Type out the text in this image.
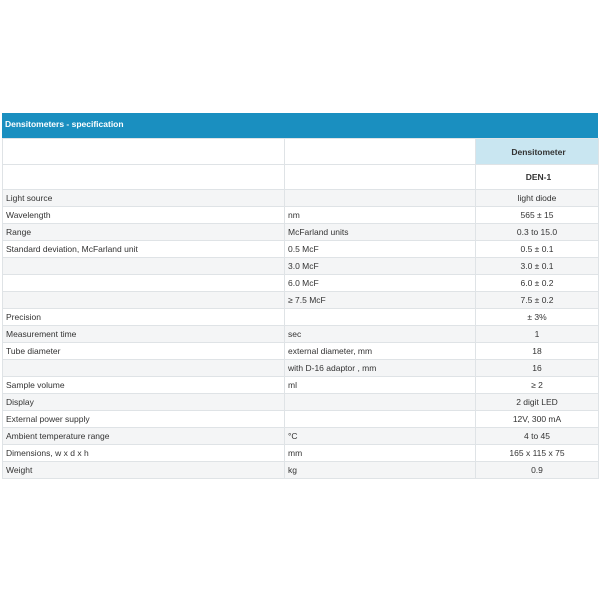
Densitometers - specification
		Densitometer
		DEN-1
Light source		light diode
Wavelength	nm	565 ± 15
Range	McFarland units	0.3 to 15.0
Standard deviation, McFarland unit	0.5 McF	0.5 ± 0.1
	3.0 McF	3.0 ± 0.1
	6.0 McF	6.0 ± 0.2
	≥ 7.5 McF	7.5 ± 0.2
Precision		± 3%
Measurement time	sec	1
Tube diameter	external diameter, mm	18
	with D-16 adaptor , mm	16
Sample volume	ml	≥ 2
Display		2 digit LED
External power supply		12V, 300 mA
Ambient temperature range	°C	4 to 45
Dimensions, w x d x h	mm	165 x 115 x 75
Weight	kg	0.9
